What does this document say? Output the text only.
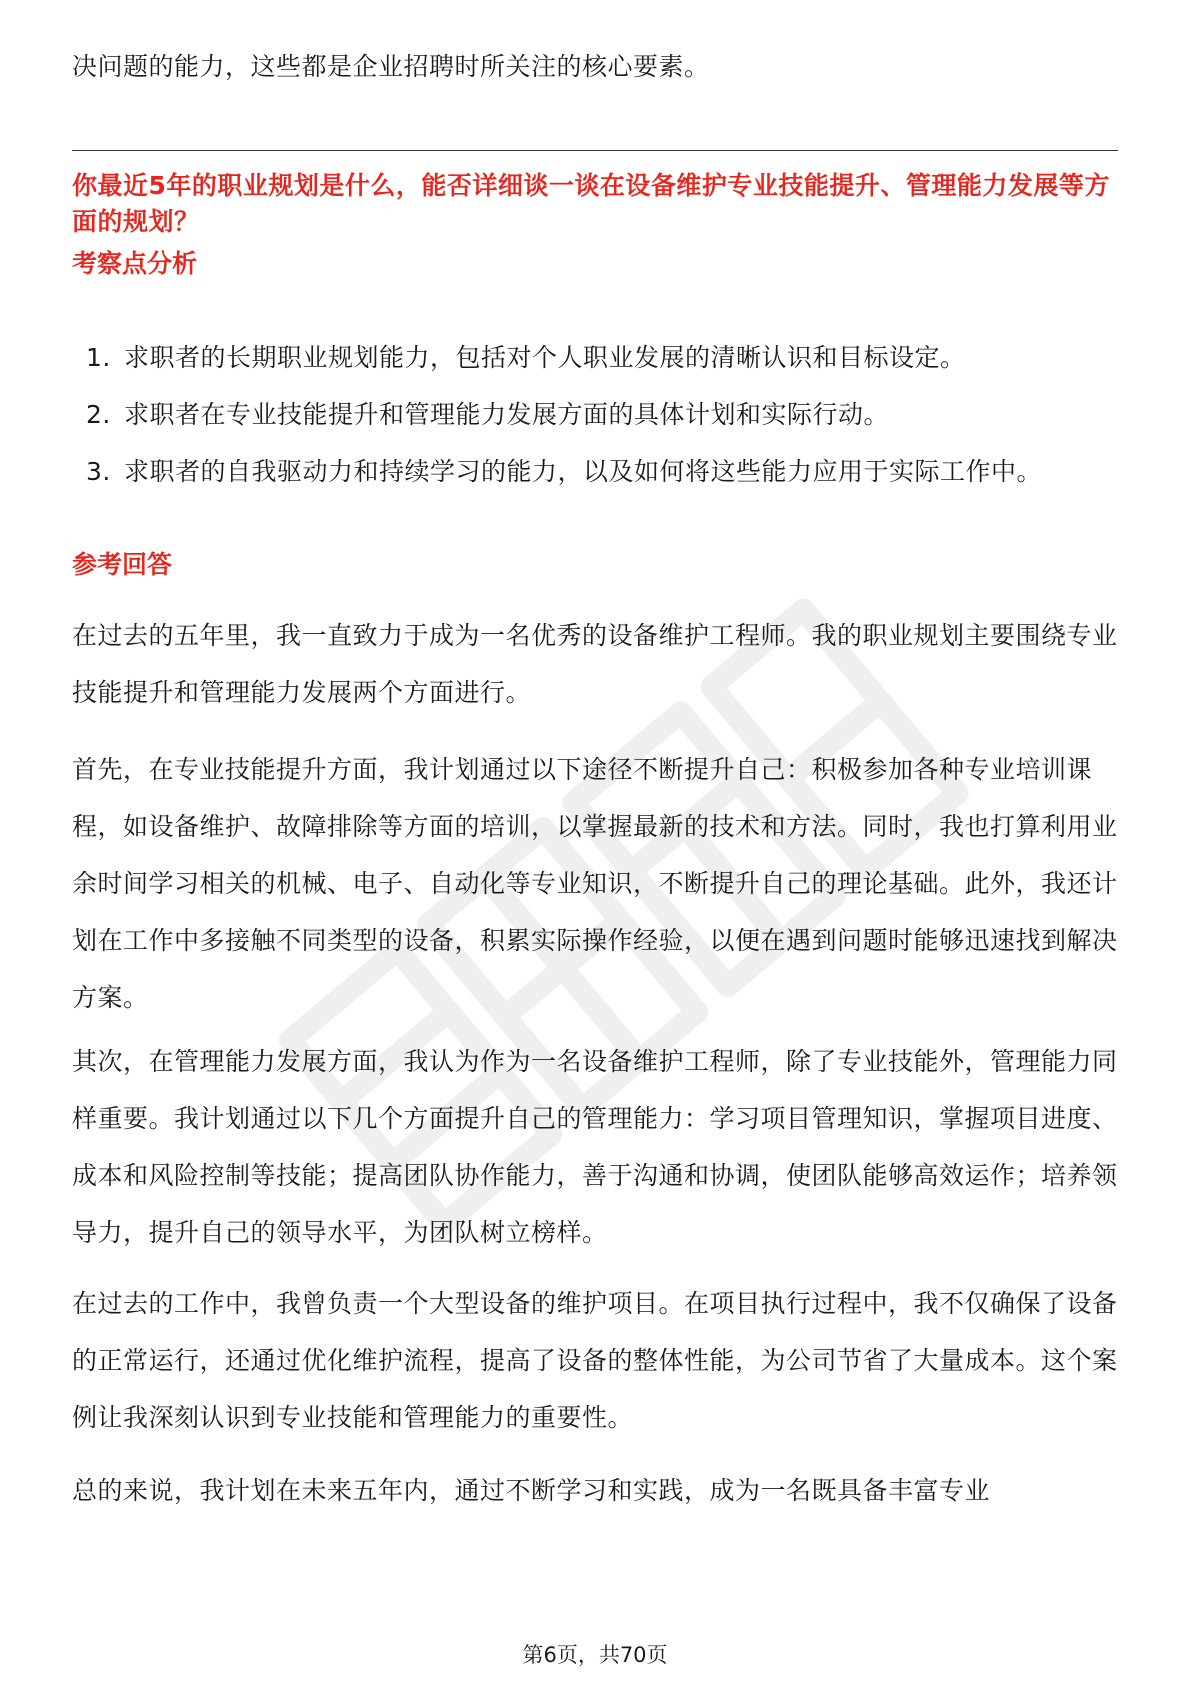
决问题的能力，这些都是企业招聘时所关注的核心要素。

你最近5年的职业规划是什么，能否详细谈一谈在设备维护专业技能提升、管理能力发展等方面的规划？

考察点分析
1. 求职者的长期职业规划能力，包括对个人职业发展的清晰认识和目标设定。
2. 求职者在专业技能提升和管理能力发展方面的具体计划和实际行动。
3. 求职者的自我驱动力和持续学习的能力，以及如何将这些能力应用于实际工作中。
参考回答

在过去的五年里，我一直致力于成为一名优秀的设备维护工程师。我的职业规划主要围绕专业技能提升和管理能力发展两个方面进行。

首先，在专业技能提升方面，我计划通过以下途径不断提升自己：积极参加各种专业培训课程，如设备维护、故障排除等方面的培训，以掌握最新的技术和方法。同时，我也打算利用业余时间学习相关的机械、电子、自动化等专业知识，不断提升自己的理论基础。此外，我还计划在工作中多接触不同类型的设备，积累实际操作经验，以便在遇到问题时能够迅速找到解决方案。

其次，在管理能力发展方面，我认为作为一名设备维护工程师，除了专业技能外，管理能力同样重要。我计划通过以下几个方面提升自己的管理能力：学习项目管理知识，掌握项目进度、成本和风险控制等技能；提高团队协作能力，善于沟通和协调，使团队能够高效运作；培养领导力，提升自己的领导水平，为团队树立榜样。

在过去的工作中，我曾负责一个大型设备的维护项目。在项目执行过程中，我不仅确保了设备的正常运行，还通过优化维护流程，提高了设备的整体性能，为公司节省了大量成本。这个案例让我深刻认识到专业技能和管理能力的重要性。

总的来说，我计划在未来五年内，通过不断学习和实践，成为一名既具备丰富专业

第6页，共70页
